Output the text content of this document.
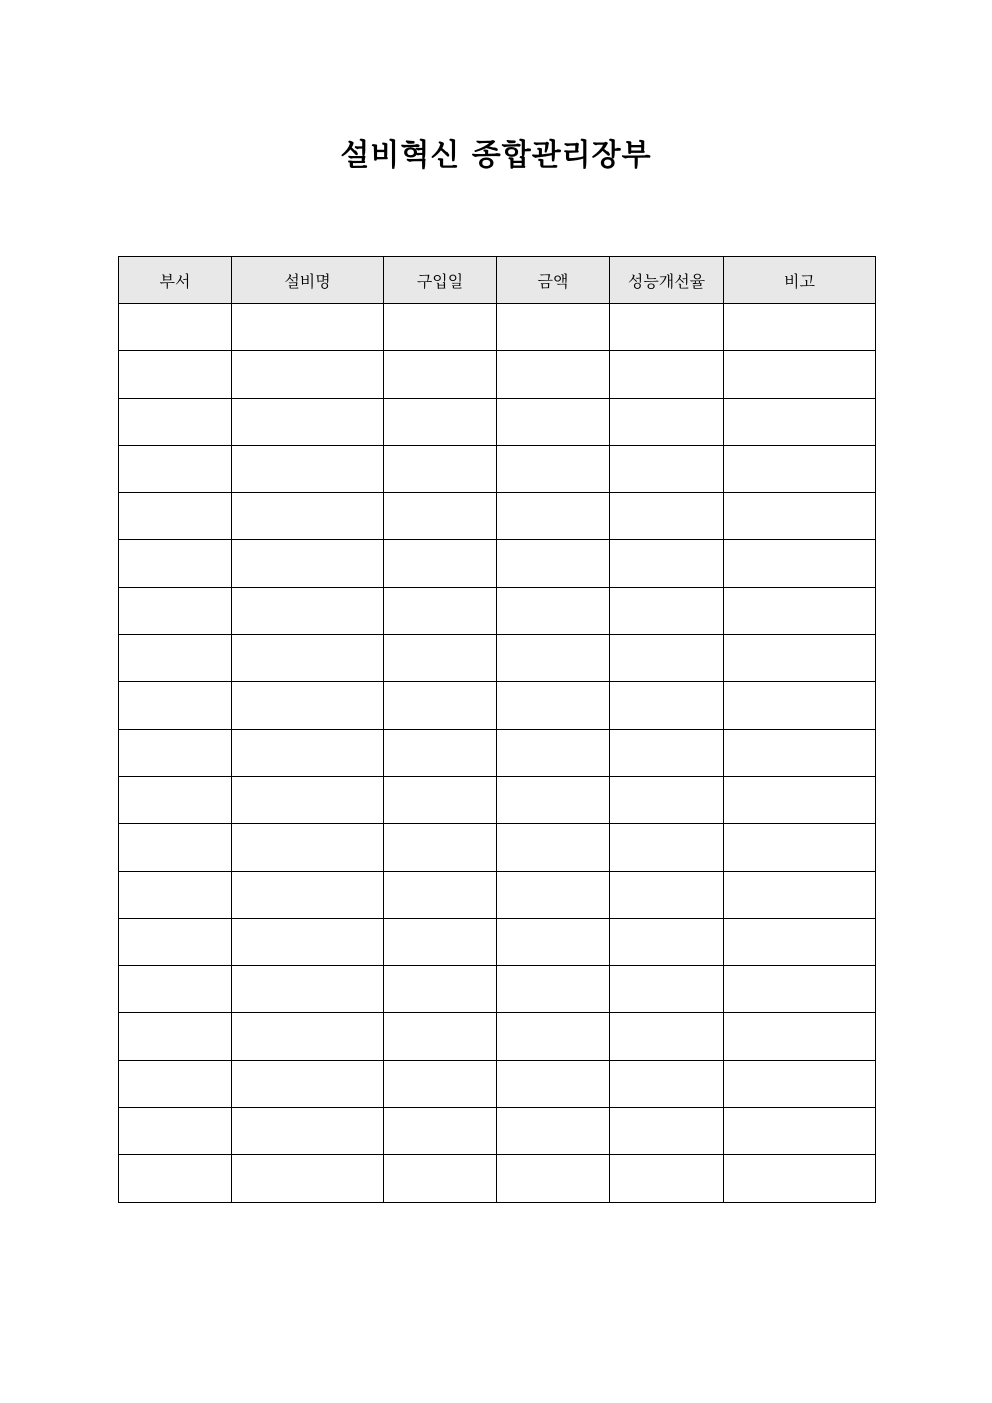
설비혁신 종합관리장부
부서	설비명	구입일	금액	성능개선율	비고
